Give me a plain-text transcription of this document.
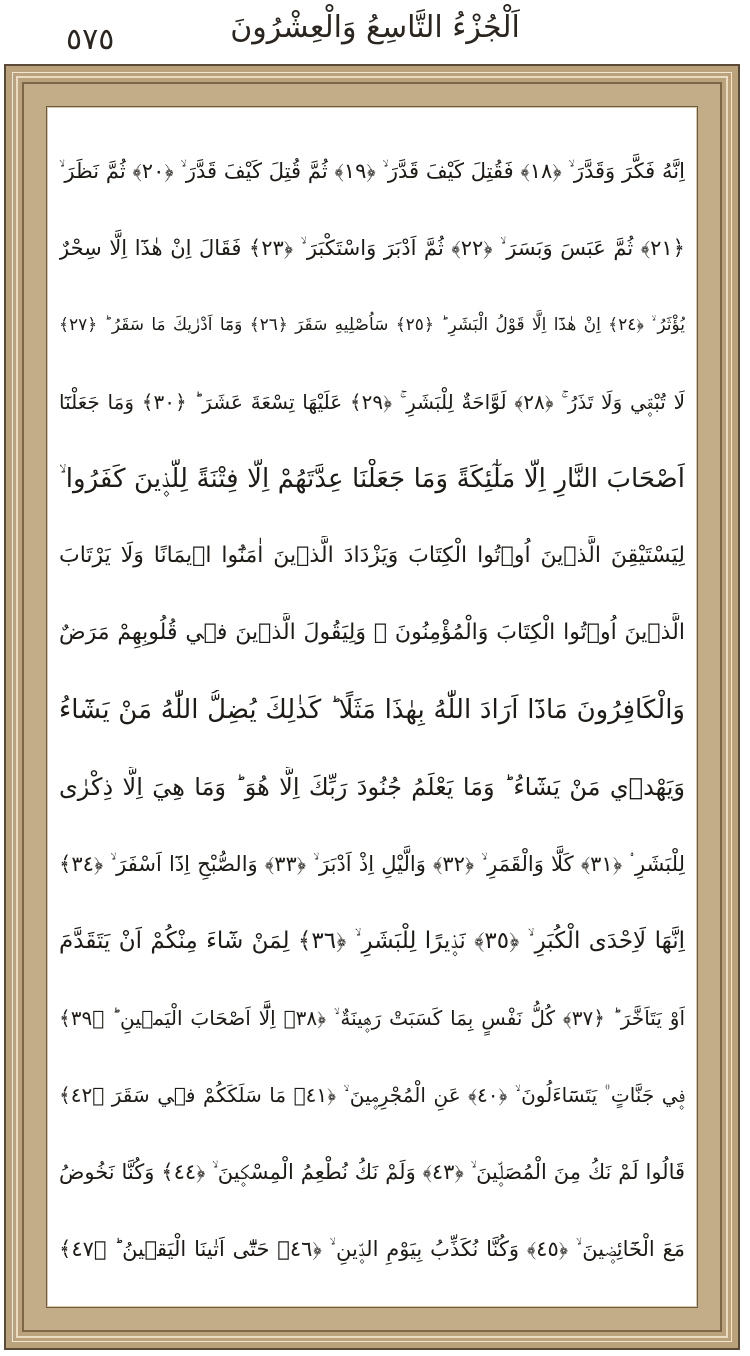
٥٧٥	اَلْجُزْءُ التَّاسِعُ وَالْعِشْرُونَ
اِنَّهُ فَكَّرَ وَقَدَّرَ ۙ ﴿١٨﴾ فَقُتِلَ كَيْفَ قَدَّرَ ۙ ﴿١٩﴾ ثُمَّ قُتِلَ كَيْفَ قَدَّرَ ۙ ﴿٢٠﴾ ثُمَّ نَظَرَ ۙ
﴿٢١﴾ ثُمَّ عَبَسَ وَبَسَرَ ۙ ﴿٢٢﴾ ثُمَّ اَدْبَرَ وَاسْتَكْبَرَ ۙ ﴿٢٣﴾ فَقَالَ اِنْ هٰذَٓا اِلَّا سِحْرٌ
يُؤْثَرُ ۙ ﴿٢٤﴾ اِنْ هٰذَٓا اِلَّا قَوْلُ الْبَشَرِ ؕ ﴿٢٥﴾ سَاُصْلِيهِ سَقَرَ ﴿٢٦﴾ وَمَٓا اَدْرٰيكَ مَا سَقَرُ ؕ ﴿٢٧﴾
لَا تُبْق۪ي وَلَا تَذَرُ ۚ ﴿٢٨﴾ لَوَّاحَةٌ لِلْبَشَرِ ۚ ﴿٢٩﴾ عَلَيْهَا تِسْعَةَ عَشَرَ ؕ ﴿٣٠﴾ وَمَا جَعَلْنَٓا
اَصْحَابَ النَّارِ اِلَّا مَلٰٓئِكَةً وَمَا جَعَلْنَا عِدَّتَهُمْ اِلَّا فِتْنَةً لِلَّذ۪ينَ كَفَرُوا ۙ
لِيَسْتَيْقِنَ الَّذ۪ينَ اُو۫تُوا الْكِتَابَ وَيَزْدَادَ الَّذ۪ينَ اٰمَنُٓوا ا۪يمَانًا وَلَا يَرْتَابَ
الَّذ۪ينَ اُو۫تُوا الْكِتَابَ وَالْمُؤْمِنُونَ ۙ وَلِيَقُولَ الَّذ۪ينَ ف۪ي قُلُوبِهِمْ مَرَضٌ
وَالْكَافِرُونَ مَاذَٓا اَرَادَ اللّٰهُ بِهٰذَا مَثَلًا ؕ كَذٰلِكَ يُضِلُّ اللّٰهُ مَنْ يَشَٓاءُ
وَيَهْد۪ي مَنْ يَشَٓاءُ ؕ وَمَا يَعْلَمُ جُنُودَ رَبِّكَ اِلَّا هُوَ ؕ وَمَا هِيَ اِلَّا ذِكْرٰى
لِلْبَشَرِ ۟ ﴿٣١﴾ كَلَّا وَالْقَمَرِ ۙ ﴿٣٢﴾ وَالَّيْلِ اِذْ اَدْبَرَ ۙ ﴿٣٣﴾ وَالصُّبْحِ اِذَٓا اَسْفَرَ ۙ ﴿٣٤﴾
اِنَّهَا لَاِحْدَى الْكُبَرِ ۙ ﴿٣٥﴾ نَذ۪يرًا لِلْبَشَرِ ۙ ﴿٣٦﴾ لِمَنْ شَٓاءَ مِنْكُمْ اَنْ يَتَقَدَّمَ
اَوْ يَتَاَخَّرَ ؕ ﴿٣٧﴾ كُلُّ نَفْسٍ بِمَا كَسَبَتْ رَه۪ينَةٌ ۙ ﴿٣٨﴾ اِلَّٓا اَصْحَابَ الْيَم۪ينِ ؕ ﴿٣٩﴾
ف۪ي جَنَّاتٍ ۠ يَتَسَٓاءَلُونَ ۙ ﴿٤٠﴾ عَنِ الْمُجْرِم۪ينَ ۙ ﴿٤١﴾ مَا سَلَكَكُمْ ف۪ي سَقَرَ ﴿٤٢﴾
قَالُوا لَمْ نَكُ مِنَ الْمُصَلّ۪ينَ ۙ ﴿٤٣﴾ وَلَمْ نَكُ نُطْعِمُ الْمِسْك۪ينَ ۙ ﴿٤٤﴾ وَكُنَّا نَخُوضُ
مَعَ الْخَٓائِض۪ينَ ۙ ﴿٤٥﴾ وَكُنَّا نُكَذِّبُ بِيَوْمِ الدّ۪ينِ ۙ ﴿٤٦﴾ حَتّٰٓى اَتٰينَا الْيَق۪ينُ ؕ ﴿٤٧﴾
